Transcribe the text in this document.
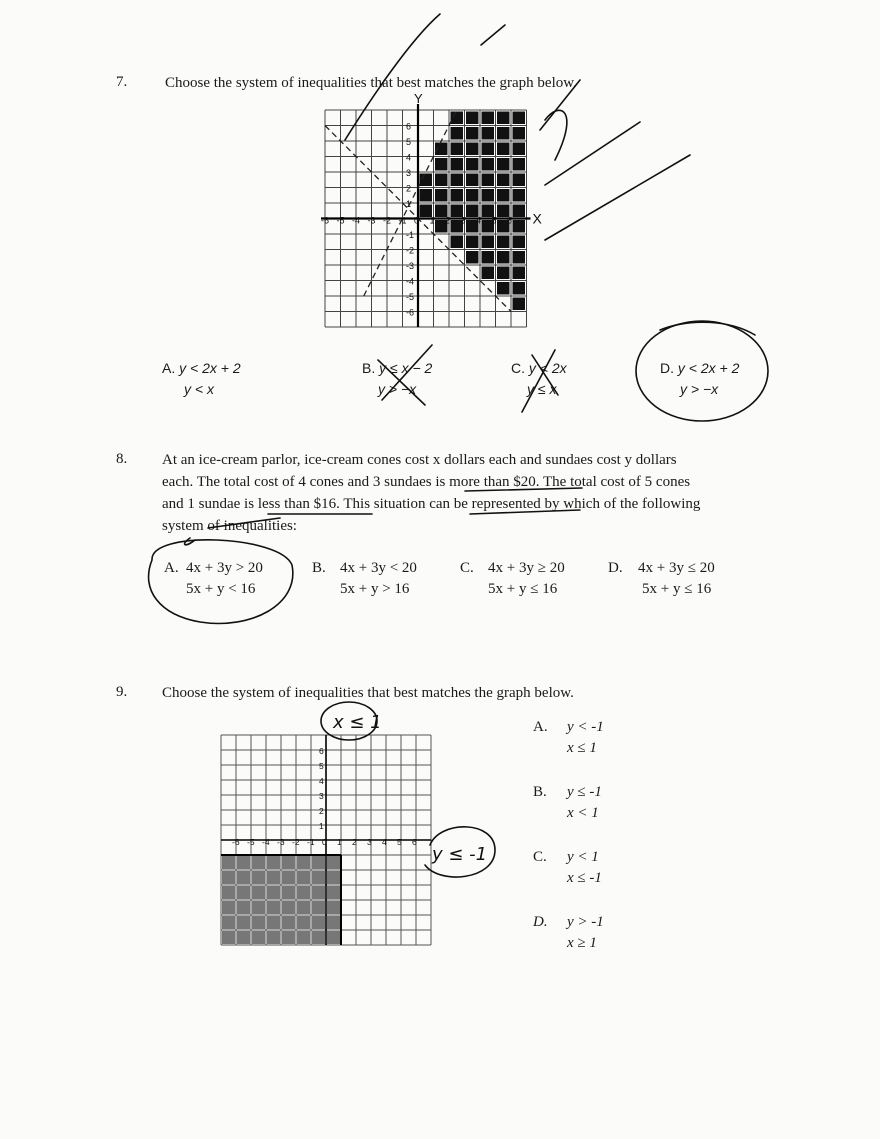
7.	Choose the system of inequalities that best matches the graph below.
-6 -5 -4 -3 -2 -1 0 1 2 3 4 5 6
6
5
4
3
2
1
-1
-2
-3
-4
-5
-6
X
Y
A. y < 2x + 2
y < x
B. y ≤ x − 2
y > −x
C. y < 2x
y ≤ x
D. y < 2x + 2
y > −x
8. At an ice-cream parlor, ice-cream cones cost x dollars each and sundaes cost y dollars
each. The total cost of 4 cones and 3 sundaes is more than $20. The total cost of 5 cones
and 1 sundae is less than $16. This situation can be represented by which of the following
system of inequalities:
A. 4x + 3y > 20
5x + y < 16
B. 4x + 3y < 20
5x + y > 16
C. 4x + 3y ≥ 20
5x + y ≤ 16
D. 4x + 3y ≤ 20
5x + y ≤ 16
9. Choose the system of inequalities that best matches the graph below.
-6 -5 -4 -3 -2 -1 0 1 2 3 4 5 6
6
5
4
3
2
1
A. y < -1
x ≤ 1
B. y ≤ -1
x < 1
C. y < 1
x ≤ -1
D. y > -1
x ≥ 1
x ≤ 1
y ≤ -1
